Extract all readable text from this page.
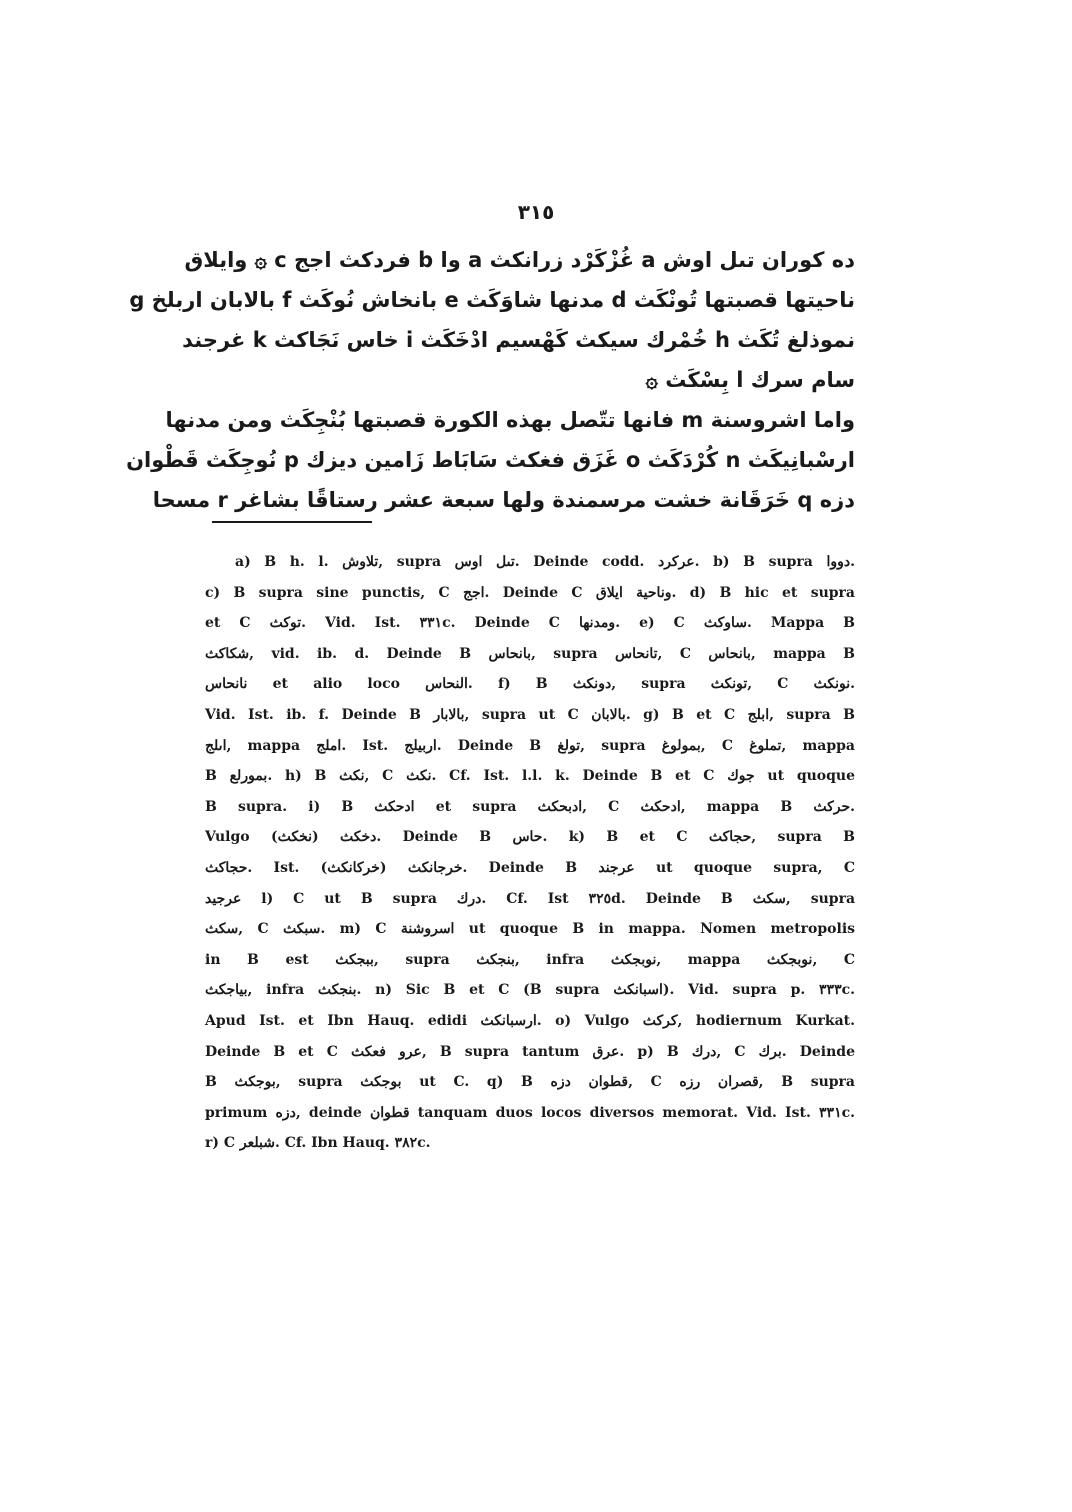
٣١٥
دە كوران تىل اوش a غُزْكَرْد زرانكث a وا b فردكث اجج c ۞ وايلاق
ناحيتها قصبتها تُونْكَث d مدنها شاوَكَث e بانخاش نُوكَث f بالابان اربلخ g
نموذلغ تُكَث h خُمْرك سيكث كَهْسيم ادْخَكَث i خاس نَجَاكث k غرجند
سام سرك l بِسْكَث ۞
واما اشروسنة m فانها تتّصل بهذه الكورة قصبتها بُنْجِكَث ومن مدنها
ارسْبانِيكَث n كُرْدَكَث o غَزَق فغكث سَابَاط زَامين ديزك p نُوجِكَث قَطْوان
دزه q خَرَقَانة خشت مرسمندة ولها سبعة عشر رستاقًا بشاغر r مسحا
a) B h. l. تلاوش, supra تىل اوس. Deinde codd. عركرد. b) B supra دووا.
c) B supra sine punctis, C اجج. Deinde C وناحية ايلاق. d) B hic et supra
et C توكث. Vid. Ist. ٣٣١c. Deinde C ومدنها. e) C ساوكث. Mappa B
شكاكث, vid. ib. d. Deinde B بانحاس, supra تانحاس, C بانحاس, mappa B
نانحاس et alio loco النحاس. f) B دونكث, supra تونكث, C نونكث.
Vid. Ist. ib. f. Deinde B بالابار, supra ut C بالابان. g) B et C ابلج, supra B
اىلج, mappa املج. Ist. اربيلج. Deinde B تولغ, supra بمولوغ, C تملوغ, mappa
B بمورلع. h) B نكث, C نكث. Cf. Ist. l.l. k. Deinde B et C جوك ut quoque
B supra. i) B ادحكث et supra ادبحكث, C ادحكث, mappa B حركث.
Vulgo دخكث (نخكث). Deinde B حاس. k) B et C حجاكث, supra B
حجاكث. Ist. خرجانكث (خركانكث). Deinde B عرجند ut quoque supra, C
عرجيد l) C ut B supra درك. Cf. Ist ٣٢٥d. Deinde B سكث, supra
سكث, C سبكث. m) C اسروشنة ut quoque B in mappa. Nomen metropolis
in B est ببجكث, supra بنجكث, infra نوبجكث, mappa نوبجكث, C
بياجكث, infra بنجكث. n) Sic B et C (B supra اسبانكث). Vid. supra p. ٣٣٣c.
Apud Ist. et Ibn Hauq. edidi ارسبانكث. o) Vulgo كركث, hodiernum Kurkat.
Deinde B et C عرو فعكث, B supra tantum عرق. p) B درك, C برك. Deinde
B بوجكث, supra بوجكث ut C. q) B قطوان دزه, C قصران رزه, B supra
primum دزه, deinde قطوان tanquam duos locos diversos memorat. Vid. Ist. ٣٣١c.
r) C شبلعر. Cf. Ibn Hauq. ٣٨٢c.
